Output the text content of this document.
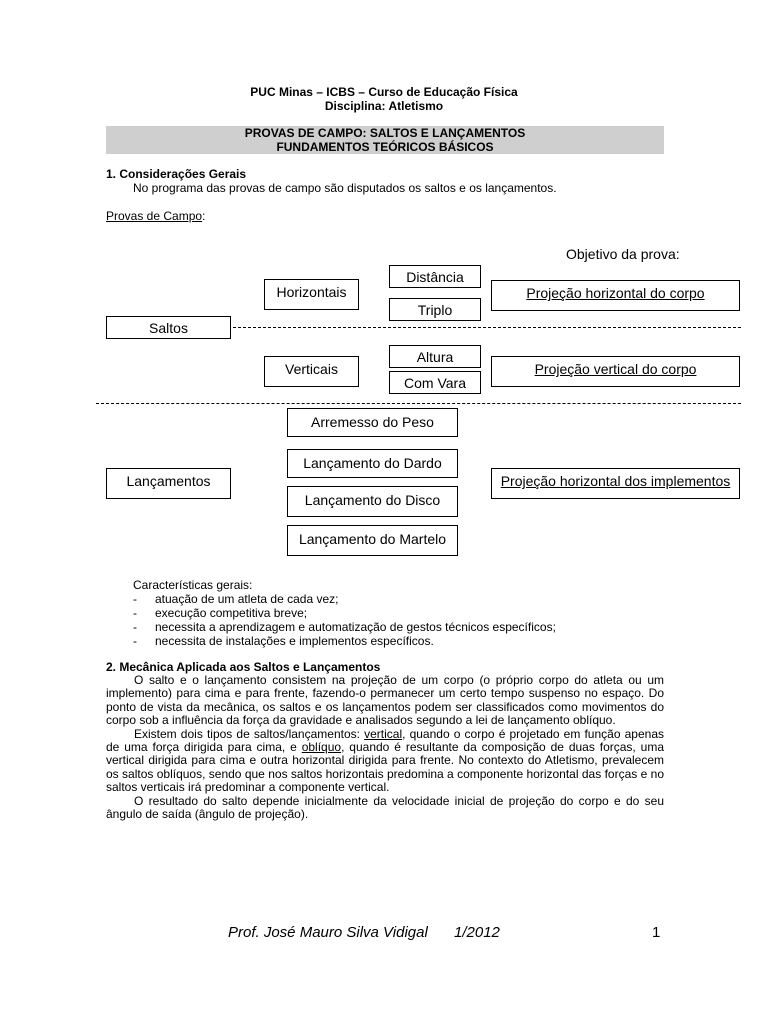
PUC Minas – ICBS – Curso de Educação Física
Disciplina: Atletismo
PROVAS DE CAMPO: SALTOS E LANÇAMENTOS
FUNDAMENTOS TEÓRICOS BÁSICOS
1. Considerações Gerais
No programa das provas de campo são disputados os saltos e os lançamentos.
Provas de Campo:
Objetivo da prova:
Distância
Horizontais	Projeção horizontal do corpo
Triplo
Saltos
Altura
Verticais	Projeção vertical do corpo
Com Vara
Arremesso do Peso
Lançamento do Dardo
Lançamentos	Projeção horizontal dos implementos
Lançamento do Disco
Lançamento do Martelo
Características gerais:
- atuação de um atleta de cada vez;
- execução competitiva breve;
- necessita a aprendizagem e automatização de gestos técnicos específicos;
- necessita de instalações e implementos específicos.
2. Mecânica Aplicada aos Saltos e Lançamentos

O salto e o lançamento consistem na projeção de um corpo (o próprio corpo do atleta ou um implemento) para cima e para frente, fazendo-o permanecer um certo tempo suspenso no espaço. Do ponto de vista da mecânica, os saltos e os lançamentos podem ser classificados como movimentos do corpo sob a influência da força da gravidade e analisados segundo a lei de lançamento oblíquo.

Existem dois tipos de saltos/lançamentos: vertical, quando o corpo é projetado em função apenas de uma força dirigida para cima, e oblíquo, quando é resultante da composição de duas forças, uma vertical dirigida para cima e outra horizontal dirigida para frente. No contexto do Atletismo, prevalecem os saltos oblíquos, sendo que nos saltos horizontais predomina a componente horizontal das forças e no saltos verticais irá predominar a componente vertical.

O resultado do salto depende inicialmente da velocidade inicial de projeção do corpo e do seu ângulo de saída (ângulo de projeção).

Prof. José Mauro Silva Vidigal 1/2012	1
